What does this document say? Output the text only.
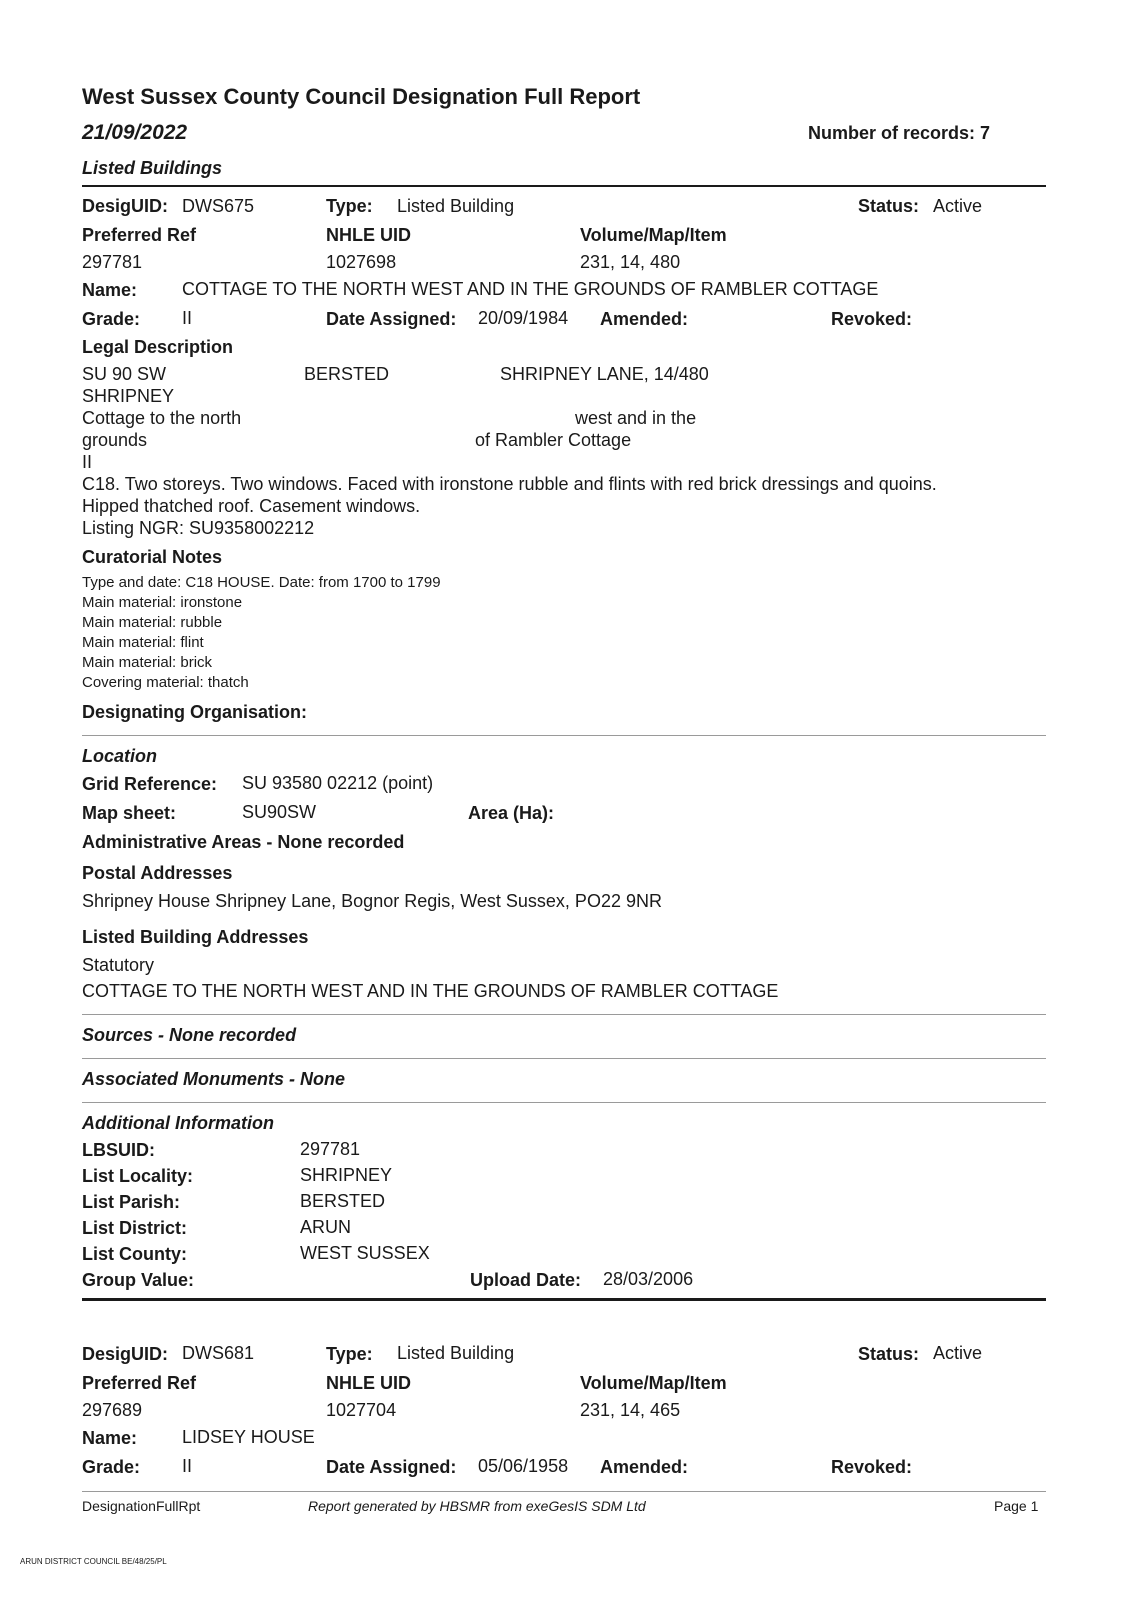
West Sussex County Council Designation Full Report
21/09/2022	Number of records: 7
Listed Buildings
DesigUID: DWS675	Type: Listed Building	Status: Active
Preferred Ref	NHLE UID	Volume/Map/Item
297781	1027698	231, 14, 480
Name: COTTAGE TO THE NORTH WEST AND IN THE GROUNDS OF RAMBLER COTTAGE
Grade: II	Date Assigned: 20/09/1984 Amended:	Revoked:
Legal Description
SU 90 SW	BERSTED	SHRIPNEY LANE, 14/480
SHRIPNEY
Cottage to the north	west and in the
grounds	of Rambler Cottage
II
C18. Two storeys. Two windows. Faced with ironstone rubble and flints with red brick dressings and quoins.
Hipped thatched roof. Casement windows.
Listing NGR: SU9358002212
Curatorial Notes
Type and date: C18 HOUSE. Date: from 1700 to 1799
Main material: ironstone
Main material: rubble
Main material: flint
Main material: brick
Covering material: thatch
Designating Organisation:
Location
Grid Reference: SU 93580 02212 (point)
Map sheet:	SU90SW	Area (Ha):
Administrative Areas - None recorded
Postal Addresses
Shripney House Shripney Lane, Bognor Regis, West Sussex, PO22 9NR
Listed Building Addresses
Statutory
COTTAGE TO THE NORTH WEST AND IN THE GROUNDS OF RAMBLER COTTAGE
Sources - None recorded
Associated Monuments - None
Additional Information
LBSUID:	297781
List Locality:	SHRIPNEY
List Parish:	BERSTED
List District:	ARUN
List County:	WEST SUSSEX
Group Value:	Upload Date: 28/03/2006
DesigUID: DWS681	Type: Listed Building	Status: Active
Preferred Ref	NHLE UID	Volume/Map/Item
297689	1027704	231, 14, 465
Name: LIDSEY HOUSE
Grade: II	Date Assigned: 05/06/1958 Amended:	Revoked:
DesignationFullRpt	Report generated by HBSMR from exeGesIS SDM Ltd	Page 1
ARUN DISTRICT COUNCIL BE/48/25/PL
